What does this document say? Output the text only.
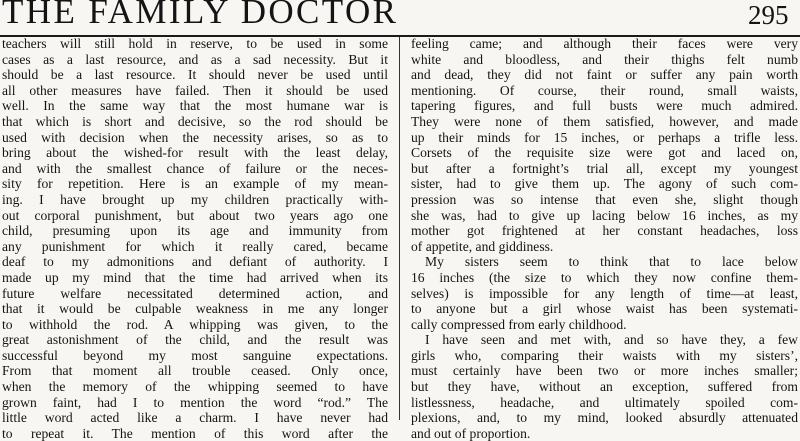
THE FAMILY DOCTOR	295
teachers will still hold in reserve, to be used in some
cases as a last resource, and as a sad necessity. But it
should be a last resource. It should never be used until
all other measures have failed. Then it should be used
well. In the same way that the most humane war is
that which is short and decisive, so the rod should be
used with decision when the necessity arises, so as to
bring about the wished-for result with the least delay,
and with the smallest chance of failure or the neces-
sity for repetition. Here is an example of my mean-
ing. I have brought up my children practically with-
out corporal punishment, but about two years ago one
child, presuming upon its age and immunity from
any punishment for which it really cared, became
deaf to my admonitions and defiant of authority. I
made up my mind that the time had arrived when its
future welfare necessitated determined action, and
that it would be culpable weakness in me any longer
to withhold the rod. A whipping was given, to the
great astonishment of the child, and the result was
successful beyond my most sanguine expectations.
From that moment all trouble ceased. Only once,
when the memory of the whipping seemed to have
grown faint, had I to mention the word “rod.” The
little word acted like a charm. I have never had
to repeat it. The mention of this word after the
feeling came; and although their faces were very
white and bloodless, and their thighs felt numb
and dead, they did not faint or suffer any pain worth
mentioning. Of course, their round, small waists,
tapering figures, and full busts were much admired.
They were none of them satisfied, however, and made
up their minds for 15 inches, or perhaps a trifle less.
Corsets of the requisite size were got and laced on,
but after a fortnight’s trial all, except my youngest
sister, had to give them up. The agony of such com-
pression was so intense that even she, slight though
she was, had to give up lacing below 16 inches, as my
mother got frightened at her constant headaches, loss
of appetite, and giddiness.
My sisters seem to think that to lace below
16 inches (the size to which they now confine them-
selves) is impossible for any length of time—at least,
to anyone but a girl whose waist has been systemati-
cally compressed from early childhood.
I have seen and met with, and so have they, a few
girls who, comparing their waists with my sisters’,
must certainly have been two or more inches smaller;
but they have, without an exception, suffered from
listlessness, headache, and ultimately spoiled com-
plexions, and, to my mind, looked absurdly attenuated
and out of proportion.
